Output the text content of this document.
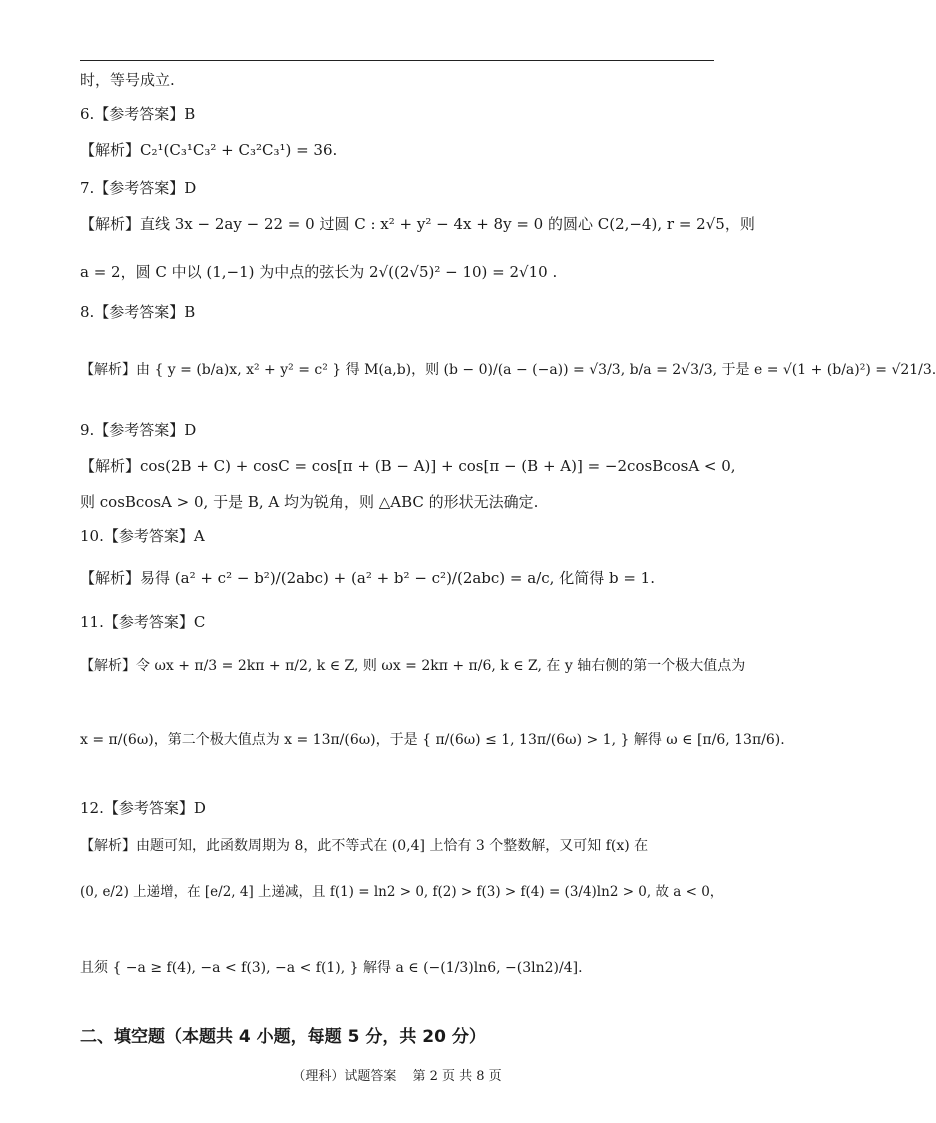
时，等号成立.
6.【参考答案】B
【解析】C₂¹(C₃¹C₃² + C₃²C₃¹) = 36.
7.【参考答案】D
【解析】直线 3x − 2ay − 22 = 0 过圆 C : x² + y² − 4x + 8y = 0 的圆心 C(2,−4), r = 2√5，则
a = 2，圆 C 中以 (1,−1) 为中点的弦长为 2√((2√5)² − 10) = 2√10 .
8.【参考答案】B
【解析】由 { y = (b/a)x, x² + y² = c² } 得 M(a,b)，则 (b − 0)/(a − (−a)) = √3/3, b/a = 2√3/3, 于是 e = √(1 + (b/a)²) = √21/3.
9.【参考答案】D
【解析】cos(2B + C) + cosC = cos[π + (B − A)] + cos[π − (B + A)] = −2cosBcosA < 0,
则 cosBcosA > 0, 于是 B, A 均为锐角，则 △ABC 的形状无法确定.
10.【参考答案】A
【解析】易得 (a² + c² − b²)/(2abc) + (a² + b² − c²)/(2abc) = a/c, 化简得 b = 1.
11.【参考答案】C
【解析】令 ωx + π/3 = 2kπ + π/2, k ∈ Z, 则 ωx = 2kπ + π/6, k ∈ Z, 在 y 轴右侧的第一个极大值点为
x = π/(6ω)，第二个极大值点为 x = 13π/(6ω)，于是 { π/(6ω) ≤ 1, 13π/(6ω) > 1, } 解得 ω ∈ [π/6, 13π/6).
12.【参考答案】D
【解析】由题可知，此函数周期为 8，此不等式在 (0,4] 上恰有 3 个整数解，又可知 f(x) 在
(0, e/2) 上递增，在 [e/2, 4] 上递减，且 f(1) = ln2 > 0, f(2) > f(3) > f(4) = (3/4)ln2 > 0, 故 a < 0，
且须 { −a ≥ f(4), −a < f(3), −a < f(1), } 解得 a ∈ (−(1/3)ln6, −(3ln2)/4].
二、填空题（本题共 4 小题，每题 5 分，共 20 分）
（理科）试题答案 第 2 页 共 8 页
